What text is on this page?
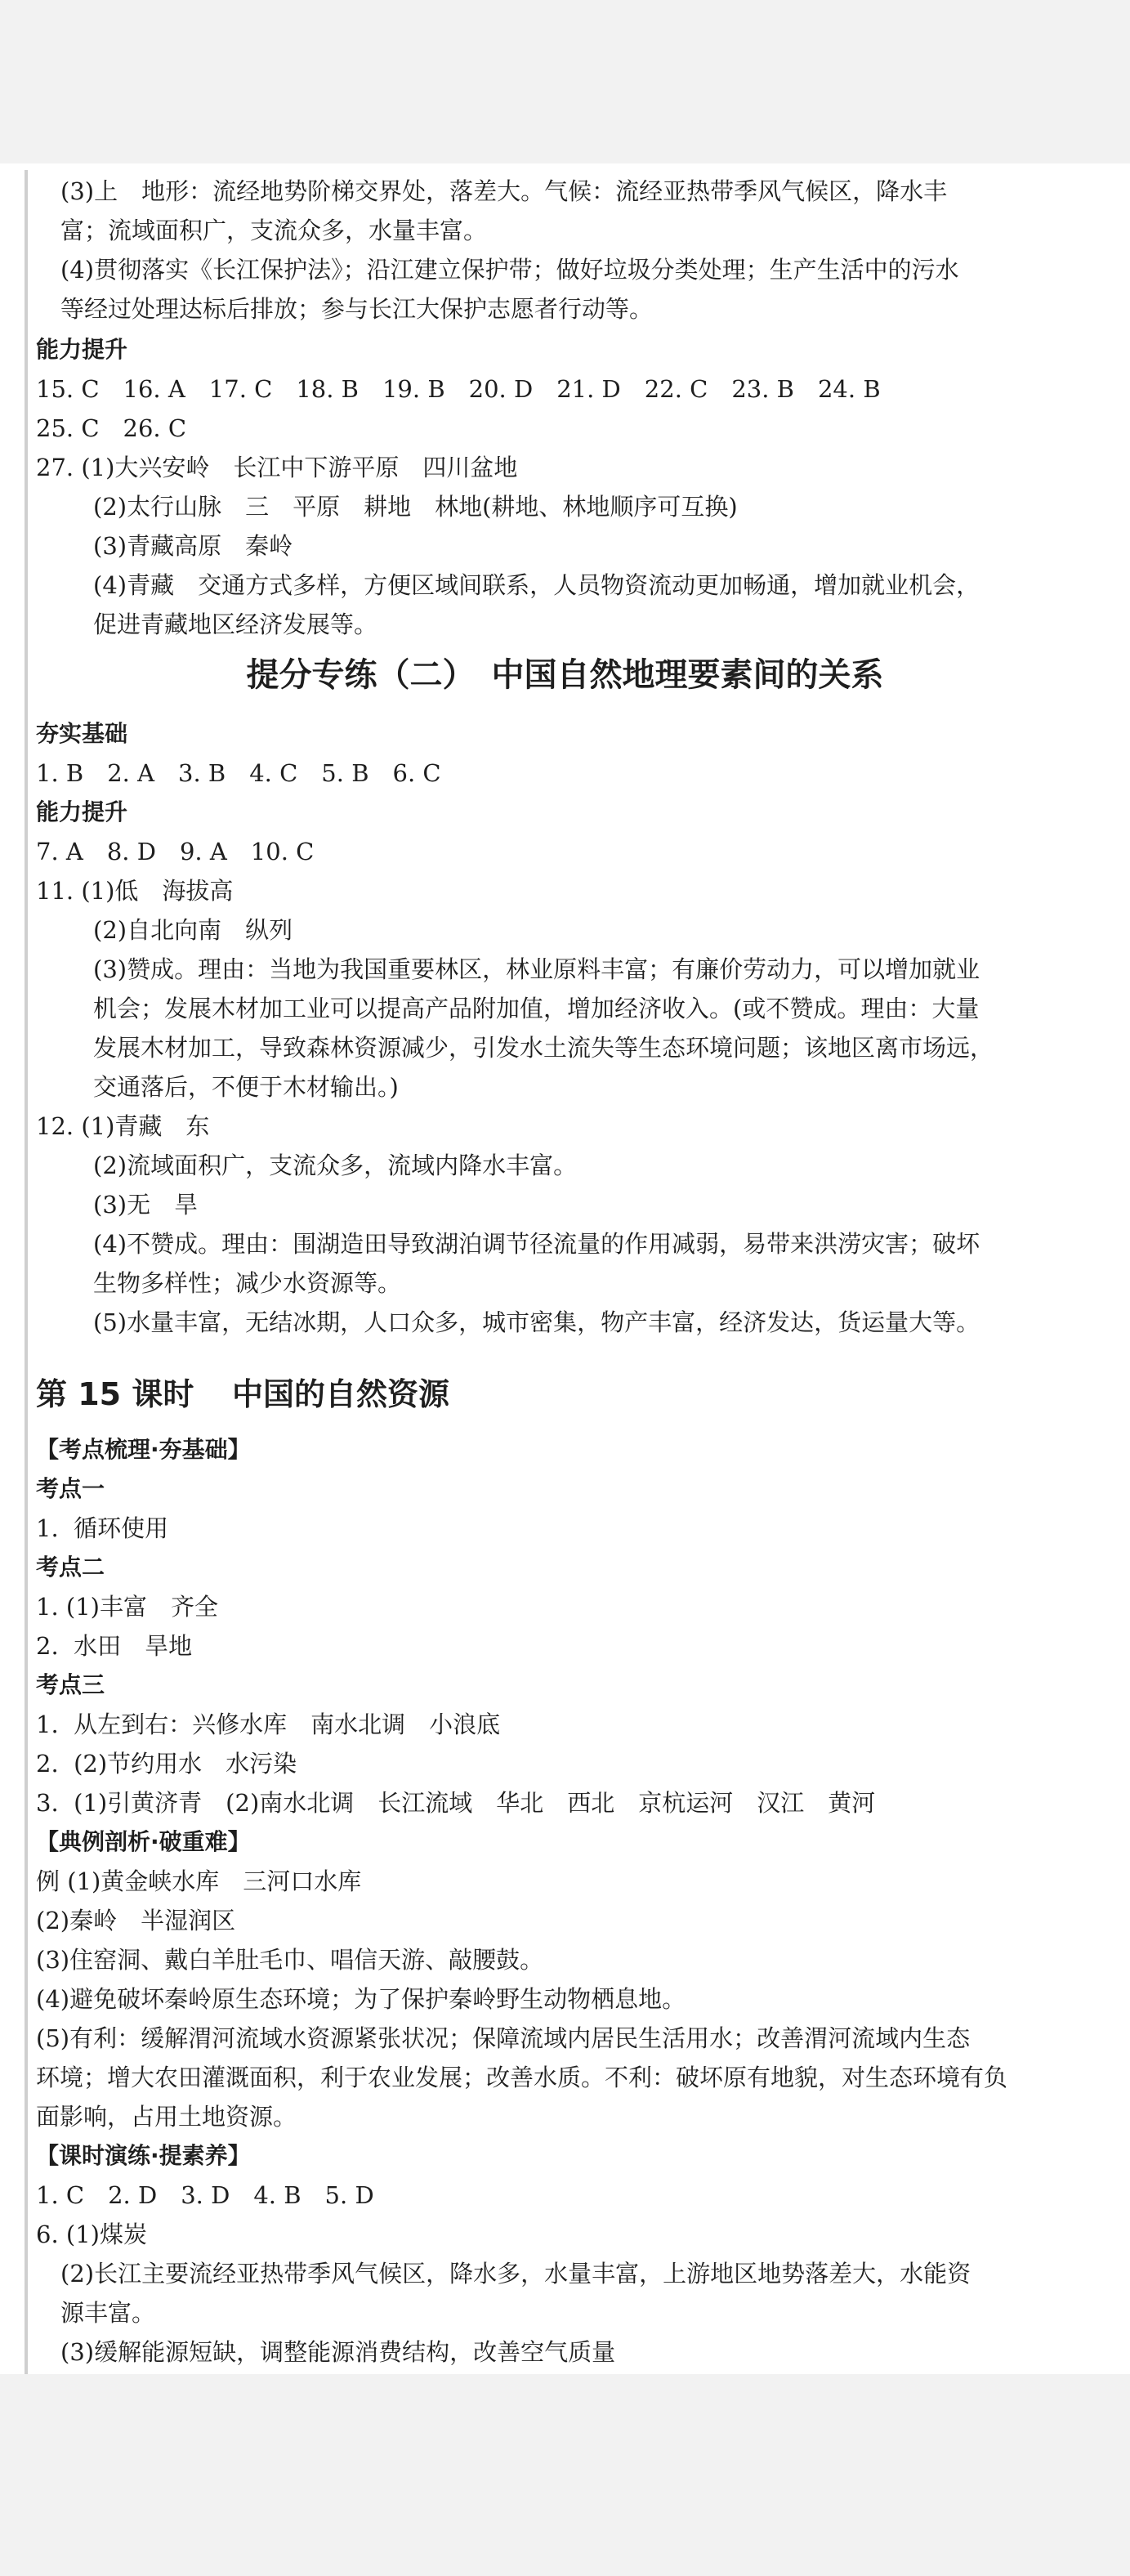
(3)上　地形：流经地势阶梯交界处，落差大。气候：流经亚热带季风气候区，降水丰
富；流域面积广，支流众多，水量丰富。
(4)贯彻落实《长江保护法》；沿江建立保护带；做好垃圾分类处理；生产生活中的污水
等经过处理达标后排放；参与长江大保护志愿者行动等。
能力提升
15. C　16. A　17. C　18. B　19. B　20. D　21. D　22. C　23. B　24. B
25. C　26. C
27. (1)大兴安岭　长江中下游平原　四川盆地
(2)太行山脉　三　平原　耕地　林地(耕地、林地顺序可互换)
(3)青藏高原　秦岭
(4)青藏　交通方式多样，方便区域间联系，人员物资流动更加畅通，增加就业机会，
促进青藏地区经济发展等。
提分专练（二）　中国自然地理要素间的关系
夯实基础
1. B　2. A　3. B　4. C　5. B　6. C
能力提升
7. A　8. D　9. A　10. C
11. (1)低　海拔高
(2)自北向南　纵列
(3)赞成。理由：当地为我国重要林区，林业原料丰富；有廉价劳动力，可以增加就业
机会；发展木材加工业可以提高产品附加值，增加经济收入。(或不赞成。理由：大量
发展木材加工，导致森林资源减少，引发水土流失等生态环境问题；该地区离市场远，
交通落后，不便于木材输出。)
12. (1)青藏　东
(2)流域面积广，支流众多，流域内降水丰富。
(3)无　旱
(4)不赞成。理由：围湖造田导致湖泊调节径流量的作用减弱，易带来洪涝灾害；破坏
生物多样性；减少水资源等。
(5)水量丰富，无结冰期，人口众多，城市密集，物产丰富，经济发达，货运量大等。
第 15 课时 中国的自然资源
【考点梳理·夯基础】
考点一
1.  循环使用
考点二
1. (1)丰富　齐全
2.  水田　旱地
考点三
1.  从左到右：兴修水库　南水北调　小浪底
2.  (2)节约用水　水污染
3.  (1)引黄济青　(2)南水北调　长江流域　华北　西北　京杭运河　汉江　黄河
【典例剖析·破重难】
例 (1)黄金峡水库　三河口水库
(2)秦岭　半湿润区
(3)住窑洞、戴白羊肚毛巾、唱信天游、敲腰鼓。
(4)避免破坏秦岭原生态环境；为了保护秦岭野生动物栖息地。
(5)有利：缓解渭河流域水资源紧张状况；保障流域内居民生活用水；改善渭河流域内生态
环境；增大农田灌溉面积，利于农业发展；改善水质。不利：破坏原有地貌，对生态环境有负
面影响，占用土地资源。
【课时演练·提素养】
1. C　2. D　3. D　4. B　5. D
6. (1)煤炭
(2)长江主要流经亚热带季风气候区，降水多，水量丰富，上游地区地势落差大，水能资
源丰富。
(3)缓解能源短缺，调整能源消费结构，改善空气质量
